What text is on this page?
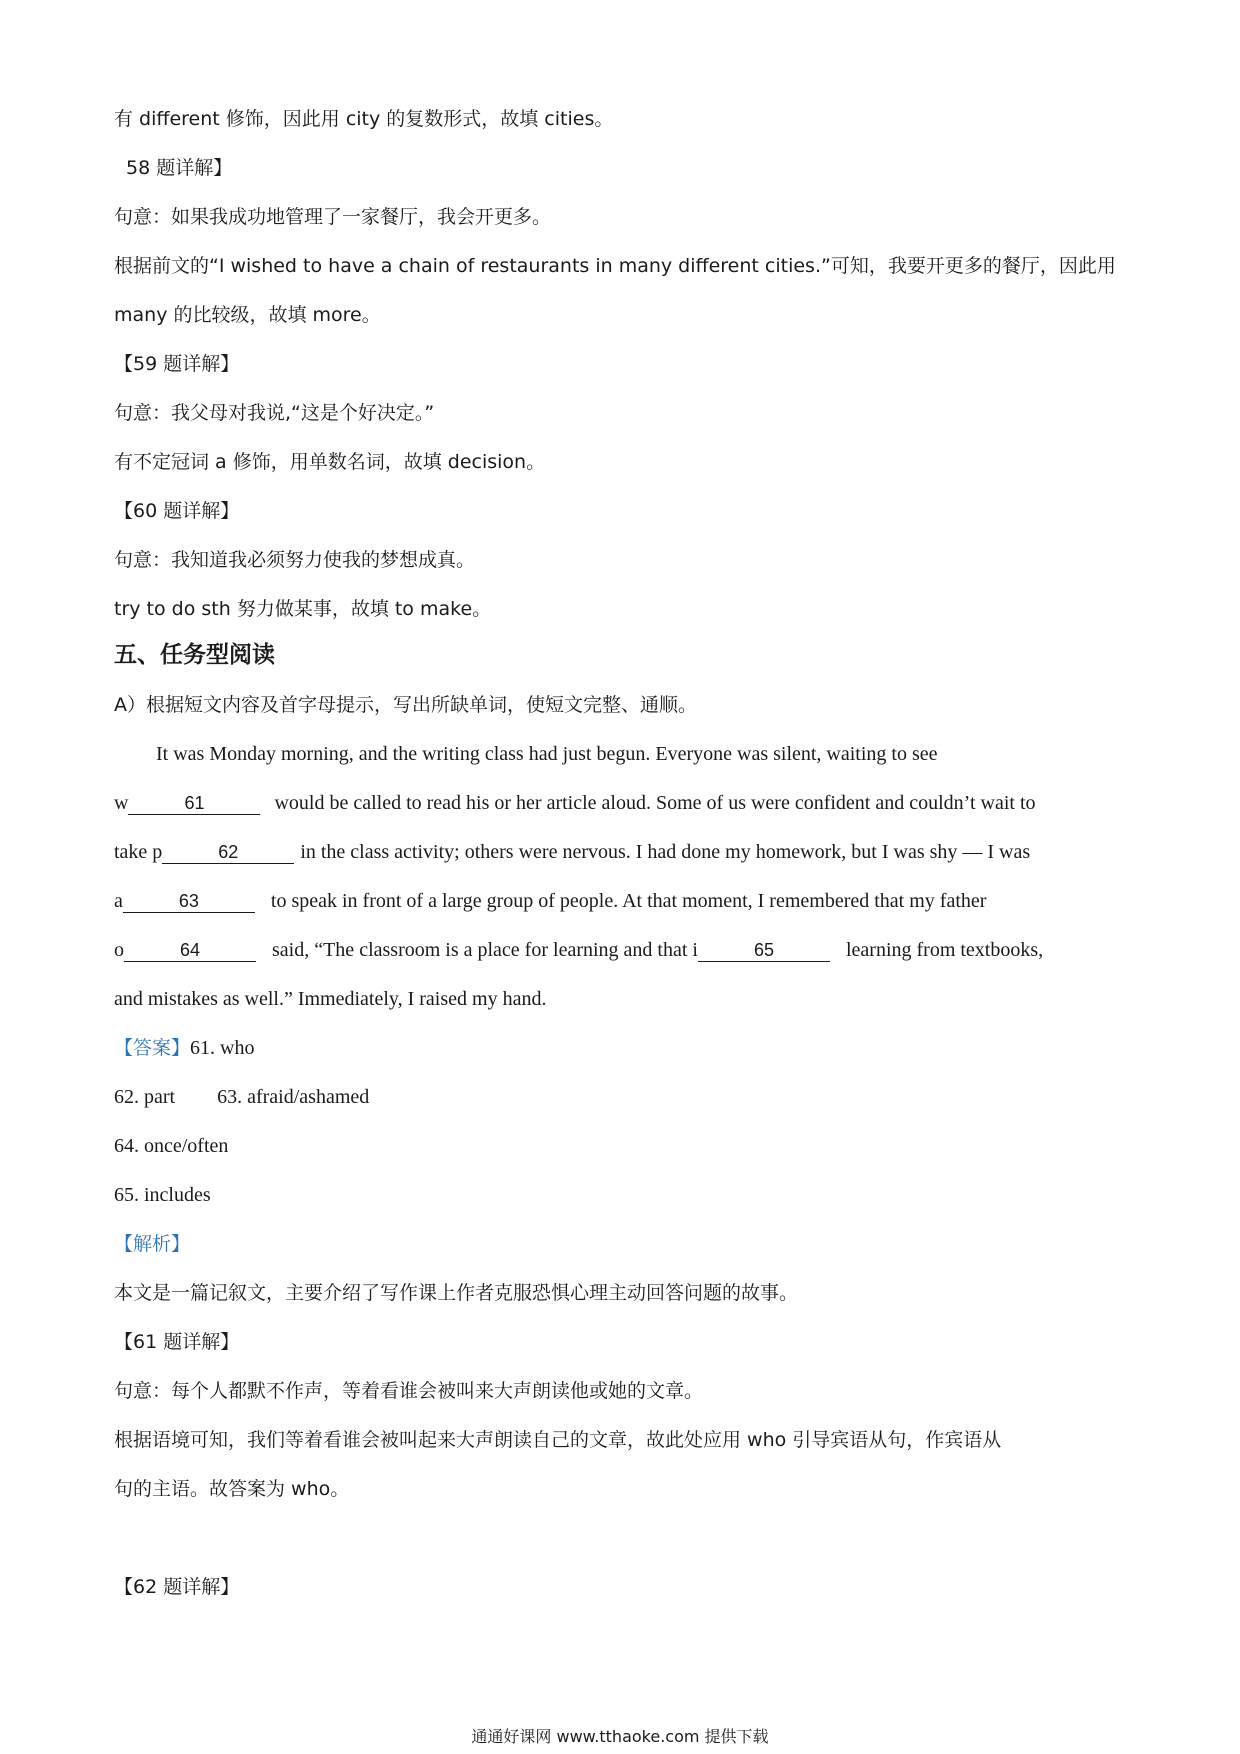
有 different 修饰，因此用 city 的复数形式，故填 cities。
58 题详解】
句意：如果我成功地管理了一家餐厅，我会开更多。
根据前文的“I wished to have a chain of restaurants in many different cities.”可知，我要开更多的餐厅，因此用
many 的比较级，故填 more。
【59 题详解】
句意：我父母对我说,“这是个好决定。”
有不定冠词 a 修饰，用单数名词，故填 decision。
【60 题详解】
句意：我知道我必须努力使我的梦想成真。
try to do sth 努力做某事，故填 to make。
五、任务型阅读
A）根据短文内容及首字母提示，写出所缺单词，使短文完整、通顺。
It was Monday morning, and the writing class had just begun. Everyone was silent, waiting to see
w	61	would be called to read his or her article aloud. Some of us were confident and couldn’t wait to
take p	62	in the class activity; others were nervous. I had done my homework, but I was shy — I was
a	63	to speak in front of a large group of people. At that moment, I remembered that my father
o	64	said, “The classroom is a place for learning and that i	65	learning from textbooks,
and mistakes as well.” Immediately, I raised my hand.
【答案】61. who
62. part 63. afraid/ashamed
64. once/often
65. includes
【解析】
本文是一篇记叙文，主要介绍了写作课上作者克服恐惧心理主动回答问题的故事。
【61 题详解】
句意：每个人都默不作声，等着看谁会被叫来大声朗读他或她的文章。
根据语境可知，我们等着看谁会被叫起来大声朗读自己的文章，故此处应用 who 引导宾语从句，作宾语从
句的主语。故答案为 who。
【62 题详解】
通通好课网 www.tthaoke.com 提供下载
